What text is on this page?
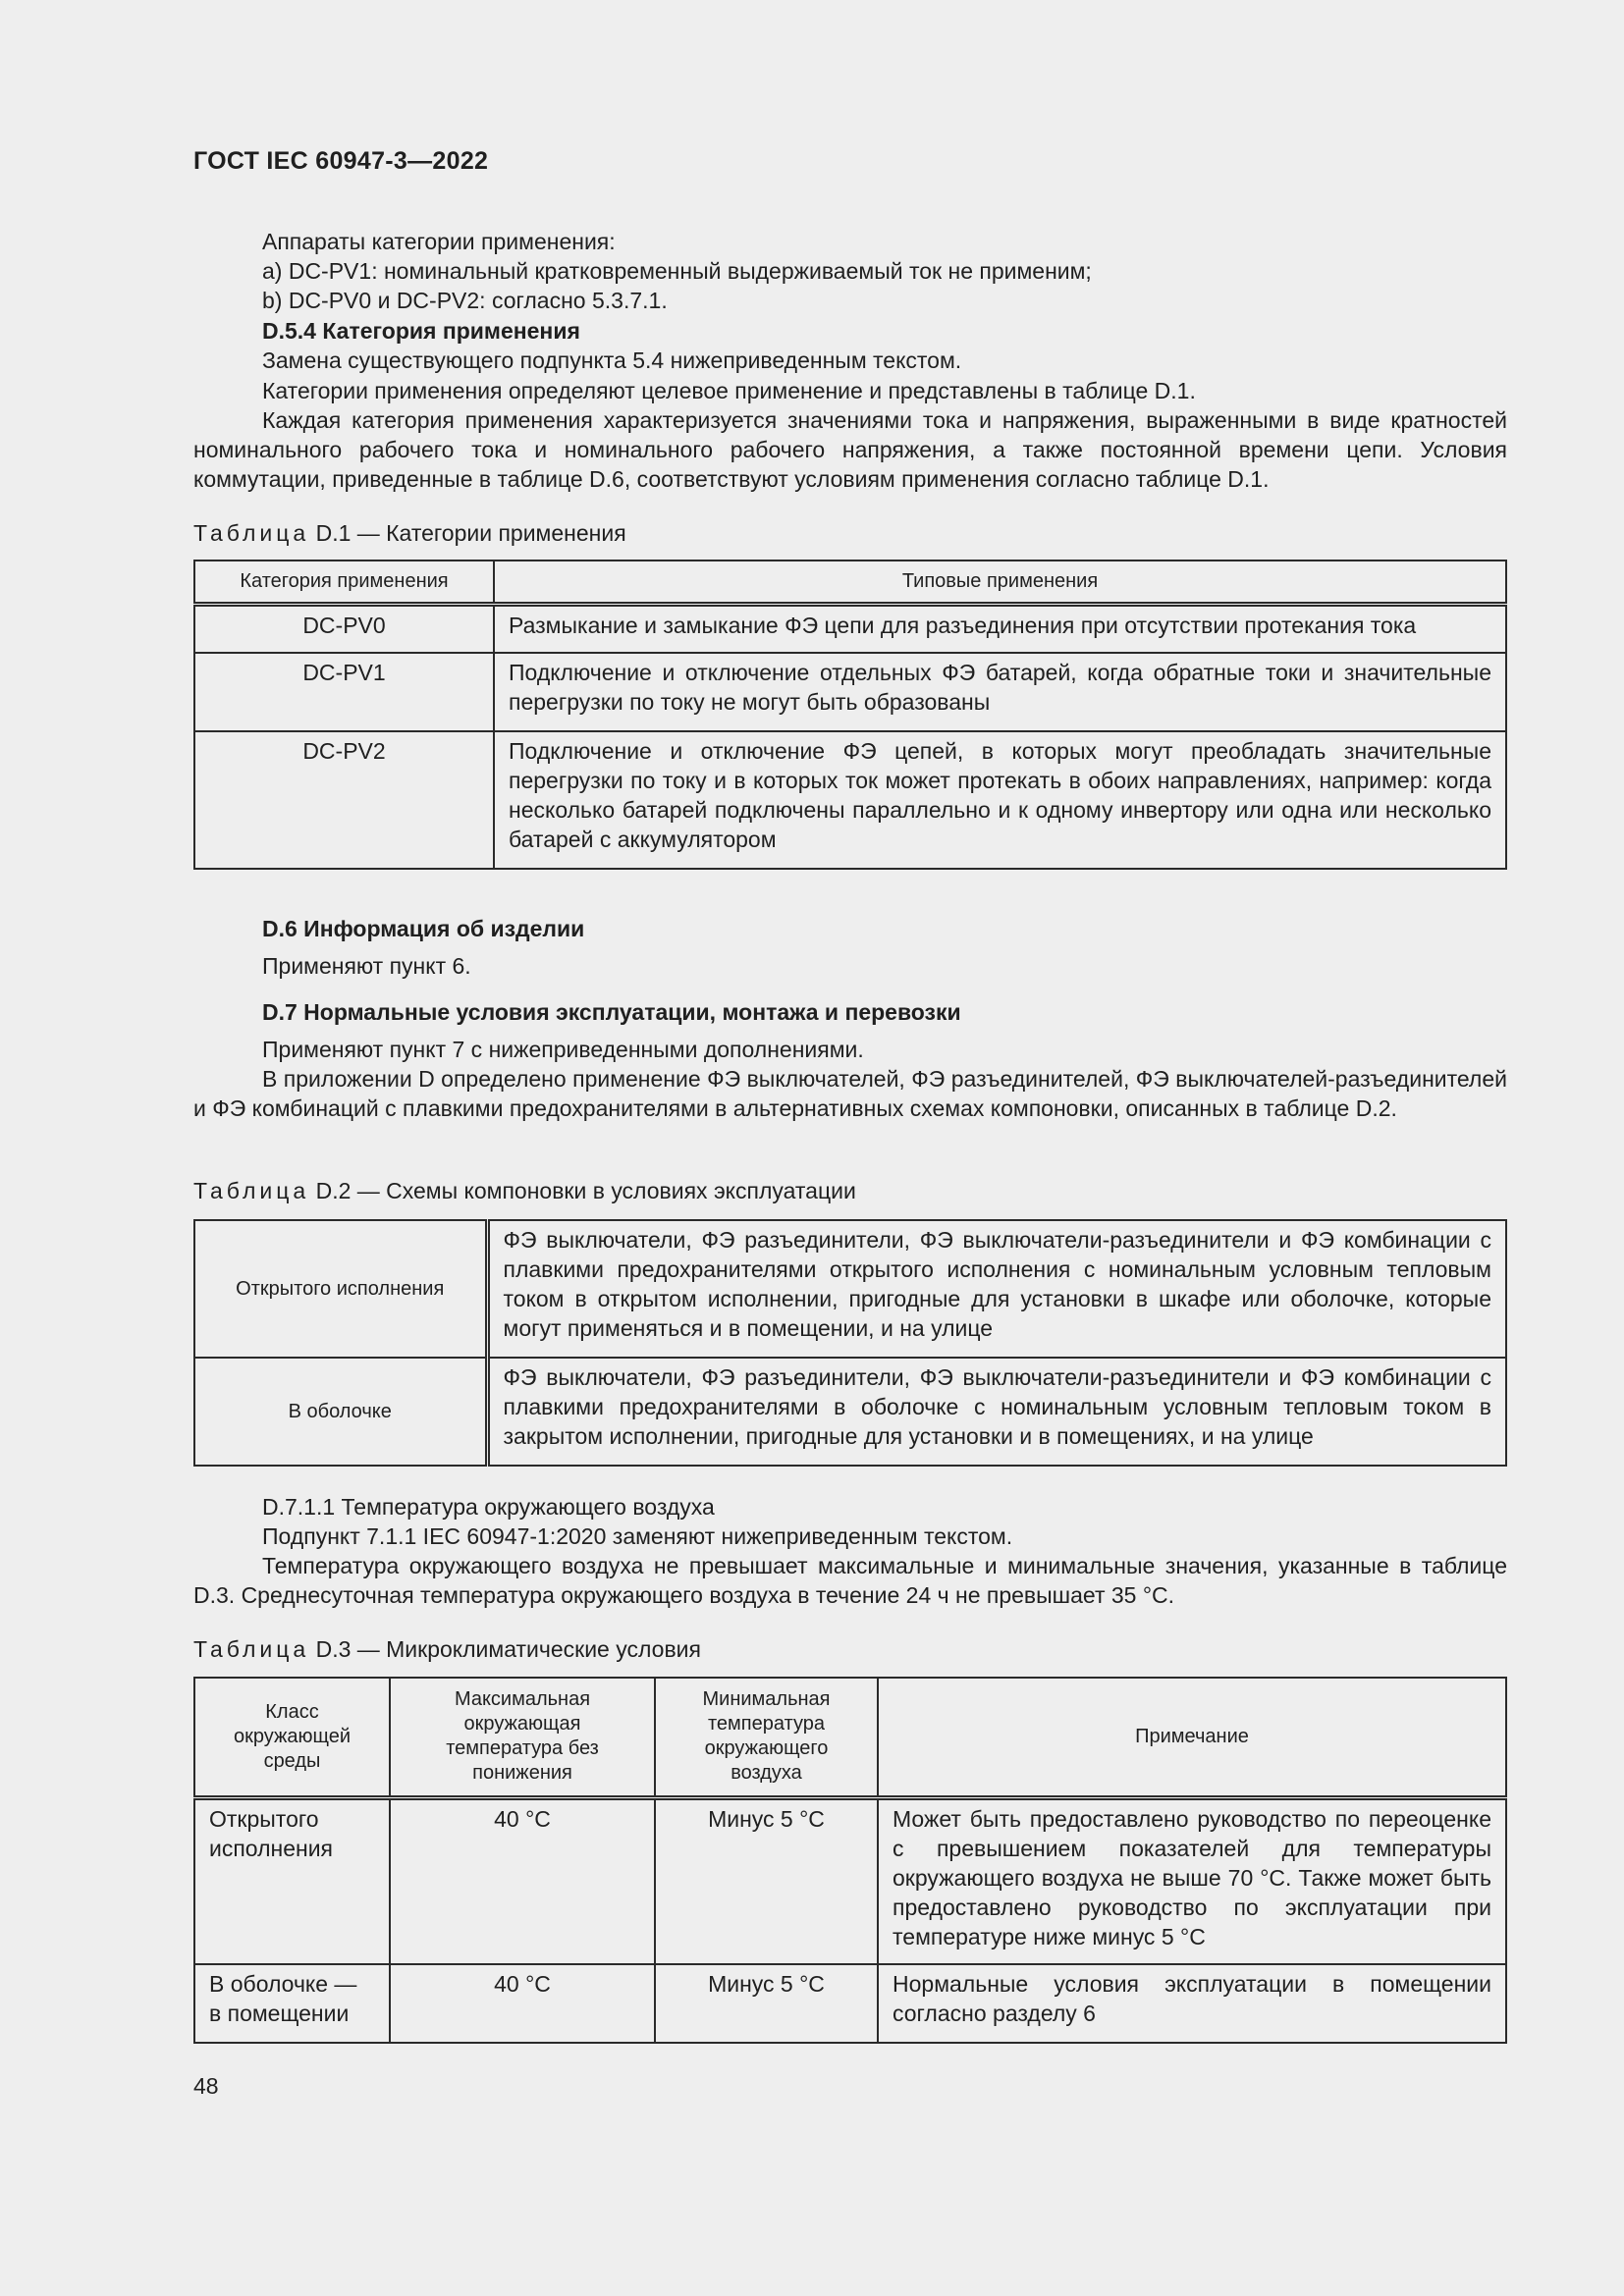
ГОСТ IEC 60947-3—2022

Аппараты категории применения:

a) DC-PV1: номинальный кратковременный выдерживаемый ток не применим;

b) DC-PV0 и DC-PV2: согласно 5.3.7.1.

D.5.4 Категория применения

Замена существующего подпункта 5.4 нижеприведенным текстом.

Категории применения определяют целевое применение и представлены в таблице D.1.

Каждая категория применения характеризуется значениями тока и напряжения, выраженными в виде кратностей номинального рабочего тока и номинального рабочего напряжения, а также постоянной времени цепи. Условия коммутации, приведенные в таблице D.6, соответствуют условиям применения согласно таблице D.1.

Таблица D.1 — Категории применения
Категория применения	Типовые применения
DC-PV0	Размыкание и замыкание ФЭ цепи для разъединения при отсутствии протекания тока
DC-PV1	Подключение и отключение отдельных ФЭ батарей, когда обратные токи и значительные перегрузки по току не могут быть образованы
DC-PV2	Подключение и отключение ФЭ цепей, в которых могут преобладать значительные перегрузки по току и в которых ток может протекать в обоих направлениях, например: когда несколько батарей подключены параллельно и к одному инвертору или одна или несколько батарей с аккумулятором

D.6 Информация об изделии

Применяют пункт 6.

D.7 Нормальные условия эксплуатации, монтажа и перевозки

Применяют пункт 7 с нижеприведенными дополнениями.

В приложении D определено применение ФЭ выключателей, ФЭ разъединителей, ФЭ выключателей-разъединителей и ФЭ комбинаций с плавкими предохранителями в альтернативных схемах компоновки, описанных в таблице D.2.

Таблица D.2 — Схемы компоновки в условиях эксплуатации
Открытого исполнения	ФЭ выключатели, ФЭ разъединители, ФЭ выключатели-разъединители и ФЭ комбинации с плавкими предохранителями открытого исполнения с номинальным условным тепловым током в открытом исполнении, пригодные для установки в шкафе или оболочке, которые могут применяться и в помещении, и на улице
В оболочке	ФЭ выключатели, ФЭ разъединители, ФЭ выключатели-разъединители и ФЭ комбинации с плавкими предохранителями в оболочке с номинальным условным тепловым током в закрытом исполнении, пригодные для установки и в помещениях, и на улице

D.7.1.1 Температура окружающего воздуха

Подпункт 7.1.1 IEC 60947-1:2020 заменяют нижеприведенным текстом.

Температура окружающего воздуха не превышает максимальные и минимальные значения, указанные в таблице D.3. Среднесуточная температура окружающего воздуха в течение 24 ч не превышает 35 °C.

Таблица D.3 — Микроклиматические условия
Класс окружающей среды	Максимальная окружающая температура без понижения	Минимальная температура окружающего воздуха	Примечание
Открытого исполнения	40 °C	Минус 5 °C	Может быть предоставлено руководство по переоценке с превышением показателей для температуры окружающего воздуха не выше 70 °C. Также может быть предоставлено руководство по эксплуатации при температуре ниже минус 5 °C
В оболочке — в помещении	40 °C	Минус 5 °C	Нормальные условия эксплуатации в помещении согласно разделу 6
48
